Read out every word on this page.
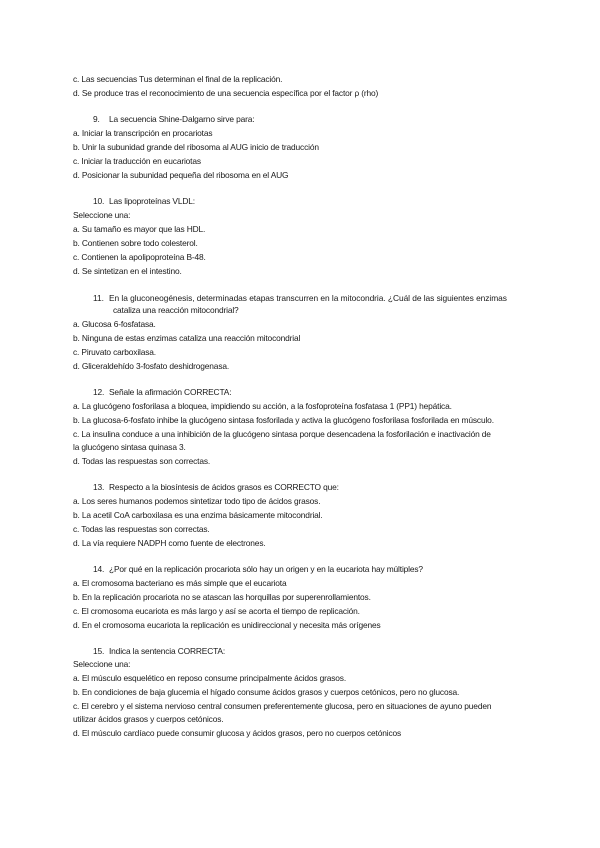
c. Las secuencias Tus determinan el final de la replicación.
d. Se produce tras el reconocimiento de una secuencia específica por el factor ρ (rho)
9. La secuencia Shine-Dalgarno sirve para:
a. Iniciar la transcripción en procariotas
b. Unir la subunidad grande del ribosoma al AUG inicio de traducción
c. Iniciar la traducción en eucariotas
d. Posicionar la subunidad pequeña del ribosoma en el AUG
10. Las lipoproteínas VLDL:
Seleccione una:
a. Su tamaño es mayor que las HDL.
b. Contienen sobre todo colesterol.
c. Contienen la apolipoproteína B-48.
d. Se sintetizan en el intestino.
11. En la gluconeogénesis, determinadas etapas transcurren en la mitocondria. ¿Cuál de las siguientes enzimas
cataliza una reacción mitocondrial?
a. Glucosa 6-fosfatasa.
b. Ninguna de estas enzimas cataliza una reacción mitocondrial
c. Piruvato carboxilasa.
d. Gliceraldehído 3-fosfato deshidrogenasa.
12. Señale la afirmación CORRECTA:
a. La glucógeno fosforilasa a bloquea, impidiendo su acción, a la fosfoproteína fosfatasa 1 (PP1) hepática.
b. La glucosa-6-fosfato inhibe la glucógeno sintasa fosforilada y activa la glucógeno fosforilasa fosforilada en músculo.
c. La insulina conduce a una inhibición de la glucógeno sintasa porque desencadena la fosforilación e inactivación de
la glucógeno sintasa quinasa 3.
d. Todas las respuestas son correctas.
13. Respecto a la biosíntesis de ácidos grasos es CORRECTO que:
a. Los seres humanos podemos sintetizar todo tipo de ácidos grasos.
b. La acetil CoA carboxilasa es una enzima básicamente mitocondrial.
c. Todas las respuestas son correctas.
d. La vía requiere NADPH como fuente de electrones.
14. ¿Por qué en la replicación procariota sólo hay un origen y en la eucariota hay múltiples?
a. El cromosoma bacteriano es más simple que el eucariota
b. En la replicación procariota no se atascan las horquillas por superenrollamientos.
c. El cromosoma eucariota es más largo y así se acorta el tiempo de replicación.
d. En el cromosoma eucariota la replicación es unidireccional y necesita más orígenes
15. Indica la sentencia CORRECTA:
Seleccione una:
a. El músculo esquelético en reposo consume principalmente ácidos grasos.
b. En condiciones de baja glucemia el hígado consume ácidos grasos y cuerpos cetónicos, pero no glucosa.
c. El cerebro y el sistema nervioso central consumen preferentemente glucosa, pero en situaciones de ayuno pueden
utilizar ácidos grasos y cuerpos cetónicos.
d. El músculo cardíaco puede consumir glucosa y ácidos grasos, pero no cuerpos cetónicos
